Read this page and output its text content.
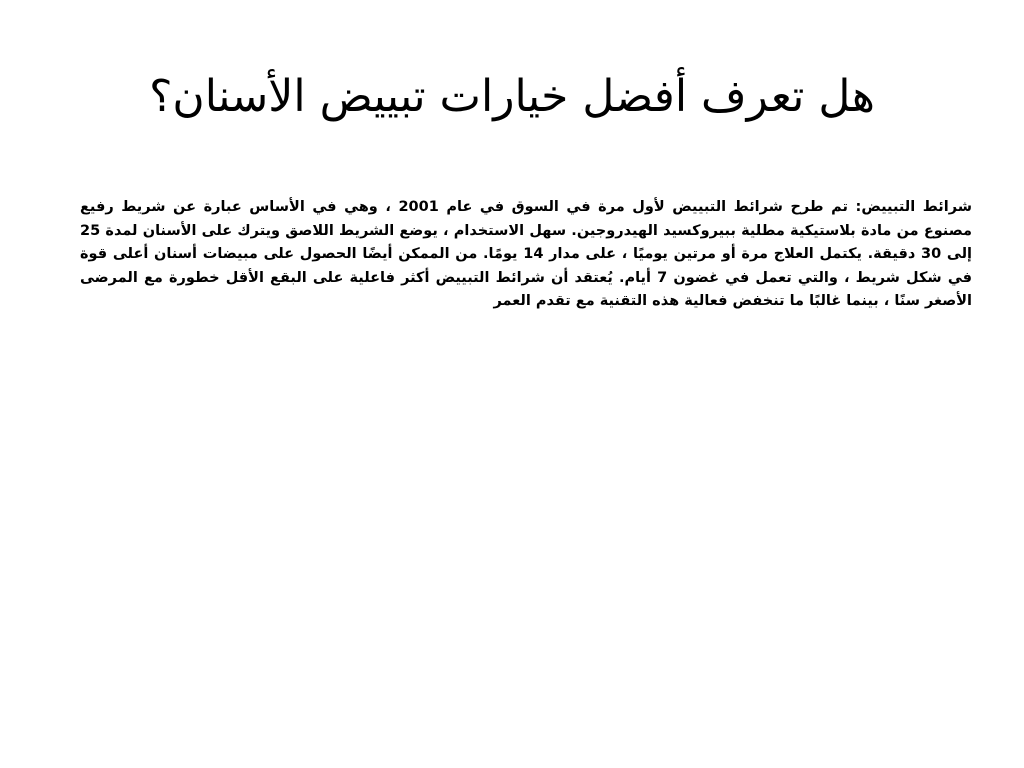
هل تعرف أفضل خيارات تبييض الأسنان؟

شرائط التبييض: تم طرح شرائط التبييض لأول مرة في السوق في عام 2001 ، وهي في الأساس عبارة عن شريط رفيع مصنوع من مادة بلاستيكية مطلية ببيروكسيد الهيدروجين. سهل الاستخدام ، يوضع الشريط اللاصق ويترك على الأسنان لمدة 25 إلى 30 دقيقة. يكتمل العلاج مرة أو مرتين يوميًا ، على مدار 14 يومًا. من الممكن أيضًا الحصول على مبيضات أسنان أعلى قوة في شكل شريط ، والتي تعمل في غضون 7 أيام. يُعتقد أن شرائط التبييض أكثر فاعلية على البقع الأقل خطورة مع المرضى الأصغر سنًا ، بينما غالبًا ما تنخفض فعالية هذه التقنية مع تقدم العمر
